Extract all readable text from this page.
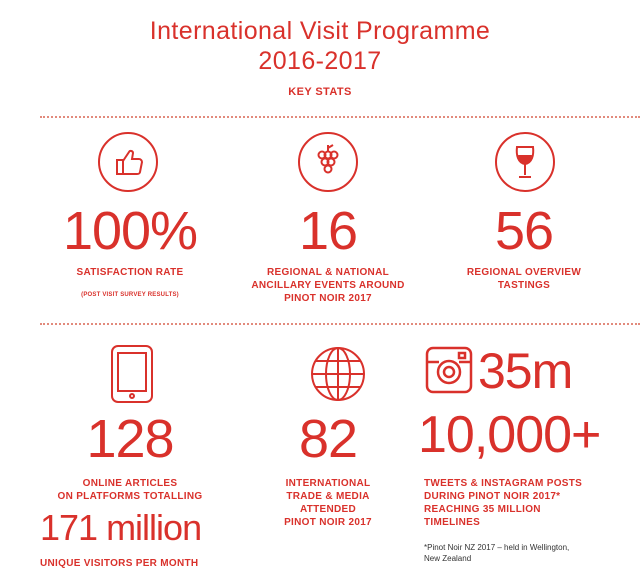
International Visit Programme
2016-2017
KEY STATS
100%	16	56
SATISFACTION RATE
(POST VISIT SURVEY RESULTS)
REGIONAL & NATIONAL
ANCILLARY EVENTS AROUND
PINOT NOIR 2017
REGIONAL OVERVIEW
TASTINGS
35m
128	82	10,000+
ONLINE ARTICLES
ON PLATFORMS TOTALLING
171 million
UNIQUE VISITORS PER MONTH
INTERNATIONAL
TRADE & MEDIA
ATTENDED
PINOT NOIR 2017
TWEETS & INSTAGRAM POSTS
DURING PINOT NOIR 2017*
REACHING 35 MILLION
TIMELINES
*Pinot Noir NZ 2017 – held in Wellington,
New Zealand
